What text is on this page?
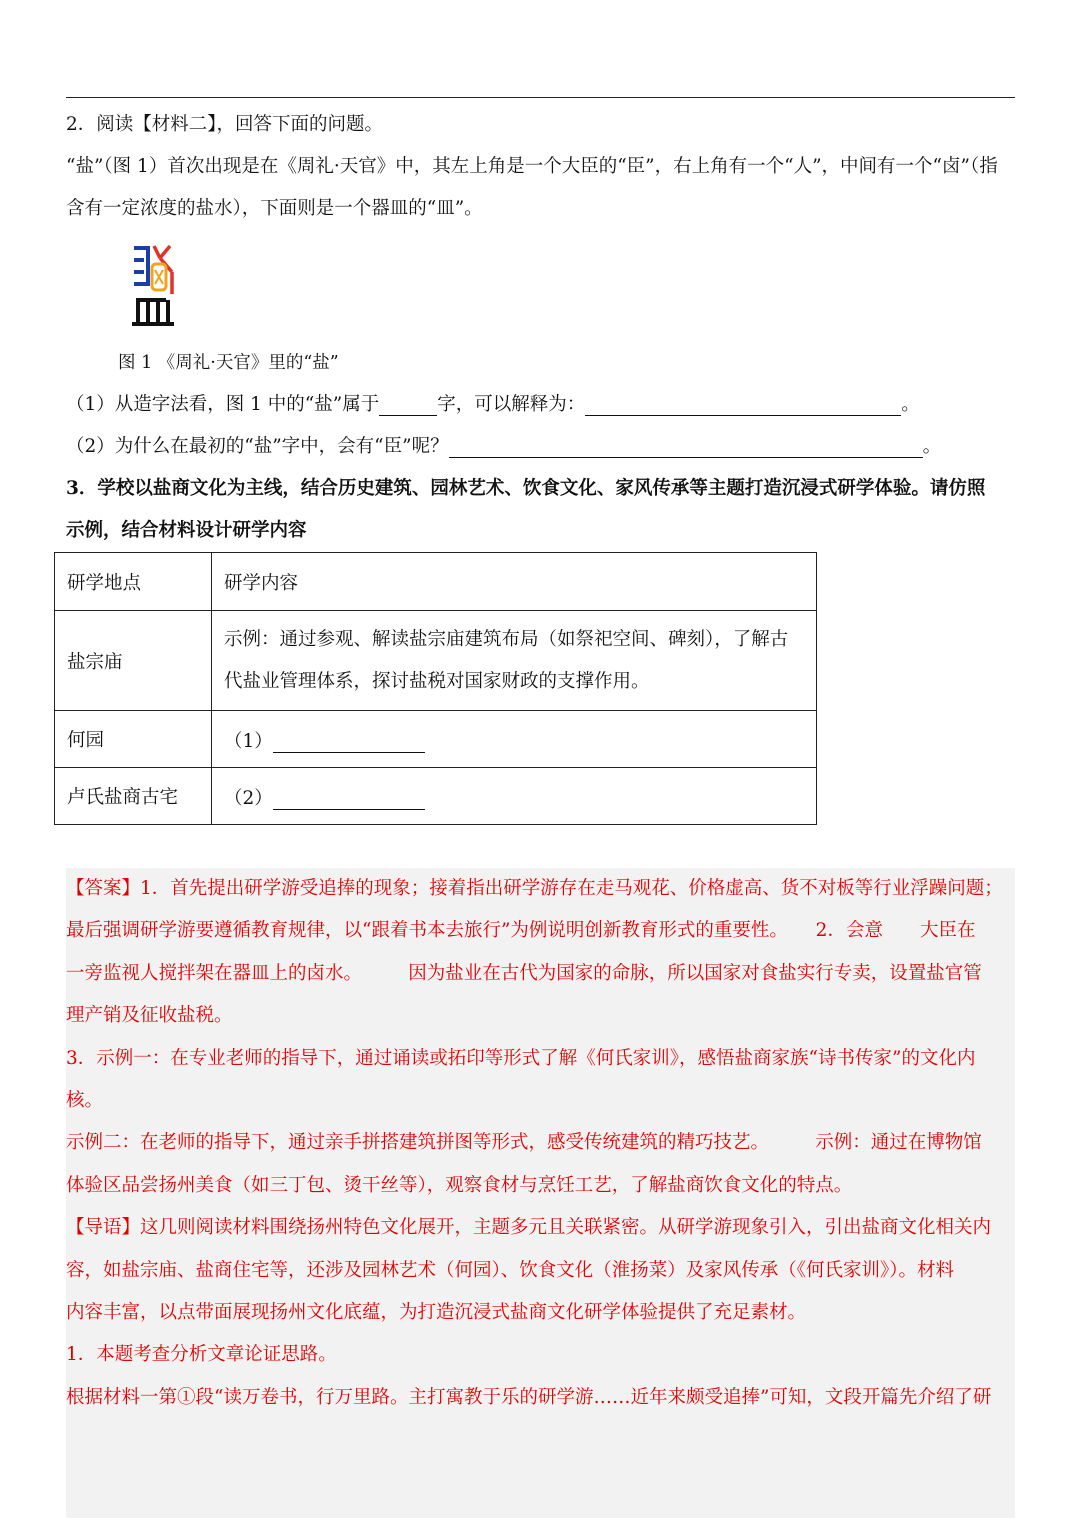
2．阅读【材料二】，回答下面的问题。
“盐”（图 1）首次出现是在《周礼·天官》中，其左上角是一个大臣的“臣”，右上角有一个“人”，中间有一个“卤”（指
含有一定浓度的盐水），下面则是一个器皿的“皿”。
图 1 《周礼·天官》里的“盐”
（1）从造字法看，图 1 中的“盐”属于	字，可以解释为：	。
（2）为什么在最初的“盐”字中，会有“臣”呢？	。
3．学校以盐商文化为主线，结合历史建筑、园林艺术、饮食文化、家风传承等主题打造沉浸式研学体验。请仿照
示例，结合材料设计研学内容
研学地点	研学内容
盐宗庙	示例：通过参观、解读盐宗庙建筑布局（如祭祀空间、碑刻），了解古
代盐业管理体系，探讨盐税对国家财政的支撑作用。

何园	（1）
卢氏盐商古宅	（2）
【答案】1．首先提出研学游受追捧的现象；接着指出研学游存在走马观花、价格虚高、货不对板等行业浮躁问题；
最后强调研学游要遵循教育规律，以“跟着书本去旅行”为例说明创新教育形式的重要性。　　2．会意　　大臣在
一旁监视人搅拌架在器皿上的卤水。　　　因为盐业在古代为国家的命脉，所以国家对食盐实行专卖，设置盐官管
理产销及征收盐税。
3．示例一：在专业老师的指导下，通过诵读或拓印等形式了解《何氏家训》，感悟盐商家族“诗书传家”的文化内
核。
示例二：在老师的指导下，通过亲手拼搭建筑拼图等形式，感受传统建筑的精巧技艺。　　　示例：通过在博物馆
体验区品尝扬州美食（如三丁包、烫干丝等），观察食材与烹饪工艺，了解盐商饮食文化的特点。
【导语】这几则阅读材料围绕扬州特色文化展开，主题多元且关联紧密。从研学游现象引入，引出盐商文化相关内
容，如盐宗庙、盐商住宅等，还涉及园林艺术（何园）、饮食文化（淮扬菜）及家风传承（《何氏家训》）。材料
内容丰富，以点带面展现扬州文化底蕴，为打造沉浸式盐商文化研学体验提供了充足素材。
1．本题考查分析文章论证思路。
根据材料一第①段“读万卷书，行万里路。主打寓教于乐的研学游……近年来颇受追捧”可知，文段开篇先介绍了研
